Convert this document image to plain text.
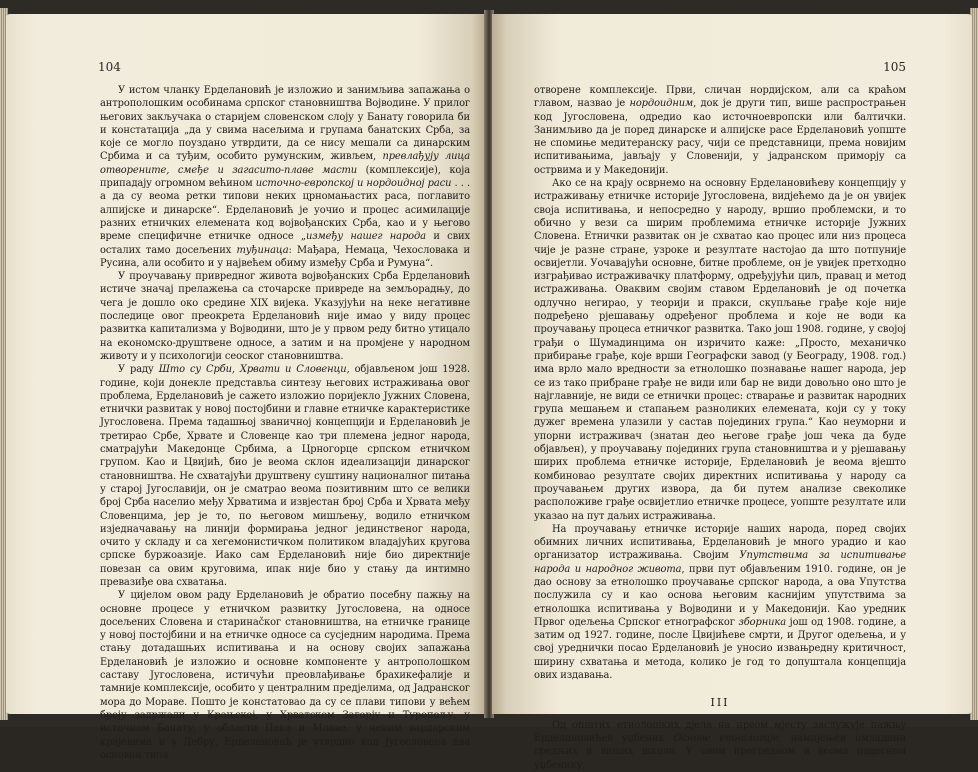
104

У истом чланку Ерделановић је изложио и занимљива запажања о антрополошким особинама српског становништва Војводине. У прилог његових закључака о старијем словенском слоју у Банату говорила би и констатација „да у свима насељима и групама банатских Срба, за које се могло поуздано утврдити, да се нису мешали са динарским Србима и са туђим, особито румунским, живљем, превлађују лица отворените, смеђе и загасито-плаве масти (комплексије), која припадају огромном већином источно-европској и нордоидној раси . . . а да су веома ретки типови неких црномањастих раса, поглавито алпијске и динарске“. Ерделановић је уочио и процес асимилације разних етничких елемената код војвођанских Срба, као и у његово време специфичне етничке односе „између нашег народа и свих осталих тамо досељених туђинаца: Мађара, Немаца, Чехословака и Русина, али особито и у највећем обиму између Срба и Румуна“.

У проучавању привредног живота војвођанских Срба Ерделановић истиче значај прелажења са сточарске привреде на земљорадњу, до чега је дошло око средине XIX вијека. Указујући на неке негативне последице овог преокрета Ерделановић није имао у виду процес развитка капитализма у Војводини, што је у првом реду битно утицало на економско-друштвене односе, а затим и на промјене у народном животу и у психологији сеоског становништва.

У раду Што су Срби, Хрвати и Словенци, објављеном још 1928. године, који донекле представља синтезу његових истраживања овог проблема, Ерделановић је сажето изложио поријекло Јужних Словена, етнички развитак у новој постојбини и главне етничке карактеристике Југословена. Према тадашњој званичној концепцији и Ерделановић је третирао Србе, Хрвате и Словенце као три племена једног народа, сматрајући Македонце Србима, а Црногорце српском етничком групом. Као и Цвијић, био је веома склон идеализацији динарског становништва. Не схватајући друштвену суштину националног питања у старој Југославији, он је сматрао веома позитивним што се велики број Срба населио међу Хрватима и извјестан број Срба и Хрвата међу Словенцима, јер је то, по његовом мишљењу, водило етничком изједначавању на линији формирања једног јединственог народа, очито у складу и са хегемонистичком политиком владајућих кругова српске буржоазије. Иако сам Ерделановић није био директније повезан са овим круговима, ипак није био у стању да интимно превазиђе ова схватања.

У цијелом овом раду Ерделановић је обратио посебну пажњу на основне процесе у етничком развитку Југословена, на односе досељених Словена и старинačког становништва, на етничке границе у новој постојбини и на етничке односе са сусједним народима. Према стању дотадашњих испитивања и на основу својих запажања Ерделановић је изложио и основне компоненте у антрополошком саставу Југословена, истичући преовлађивање брахикефалије и тамније комплексије, особито у централним предјелима, од Јадранског мора до Мораве. Пошто је констатовао да су се плави типови у већем броју задржали у Крањској, у Хрватском Загорју и Туропољу, у источном Банату, у области Пека и Млаве, у неким вардарским крајевима и у Дебру, Ерделановић је утврдио код Југословена два основна типа

105

отворене комплексије. Први, сличан нордијском, али са краћом главом, назвао је нордоидним, док је други тип, више распрострањен код Југословена, одредио као источноевропски или балтички. Занимљиво да је поред динарске и алпијске расе Ерделановић уопште не спомиње медитеранску расу, чији се представници, према новијим испитивањима, јављају у Словенији, у јадранском приморју са острвима и у Македонији.

Ако се на крају осврнемо на основну Ерделановићеву концепцију у истраживању етничке историје Југословена, видјећемо да је он увијек своја испитивања, и непосредно у народу, вршио проблемски, и то обично у вези са ширим проблемима етничке историје Јужних Словена. Етнички развитак он је схватао као процес или низ процеса чије је разне стране, узроке и резултате настојао да што потпуније освијетли. Уочавајући основне, битне проблеме, он је увијек претходно изграђивао истраживачку платформу, одређујући циљ, правац и метод истраживања. Оваквим својим ставом Ерделановић је од почетка одлучно негирао, у теорији и пракси, скупљање грађе које није подређено рјешавању одређеног проблема и које не води ка проучавању процеса етничког развитка. Тако још 1908. године, у својој грађи о Шумадинцима он изричито каже: „Просто, механичко прибирање грађе, које врши Географски завод (у Београду, 1908. год.) има врло мало вредности за етнолошко познавање нашег народа, јер се из тако прибране грађе не види или бар не види довољно оно што је најглавније, не види се етнички процес: стварање и развитак народних група мешањем и стапањем разноликих елемената, који су у току дужег времена улазили у састав појединих група.“ Као неуморни и упорни истраживач (знатан део његове грађе још чека да буде објављен), у проучавању појединих група становништва и у рјешавању ширих проблема етничке историје, Ерделановић је веома вјешто комбиновао резултате својих директних испитивања у народу са проучавањем других извора, да би путем анализе свеколике расположиве грађе освијетлио етничке процесе, уопште резултате или указао на пут даљих истраживања.

На проучавању етничке историје наших народа, поред својих обимних личних испитивања, Ерделановић је много урадио и као организатор истраживања. Својим Упутствима за испитивање народа и народног живота, први пут објављеним 1910. године, он је дао основу за етнолошко проучавање српског народа, а ова Упутства послужила су и као основа његовим каснијим упутствима за етнолошка испитивања у Војводини и у Македонији. Као уредник Првог одељења Српског етнографског зборника још од 1908. године, а затим од 1927. године, после Цвијићеве смрти, и Другог одељења, и у свој уреднички посао Ерделановић је уносио извањредну критичност, ширину схватања и метода, колико је год то допуштала концепција ових издавања.

III

Од општих етнолошких дјела на првом мјесту заслужује пажњу Ерделановићев уџбеник Основе етнологије, намијењен омладини средњих и виших школа. У овом прегледном и веома подесном уџбенику,
